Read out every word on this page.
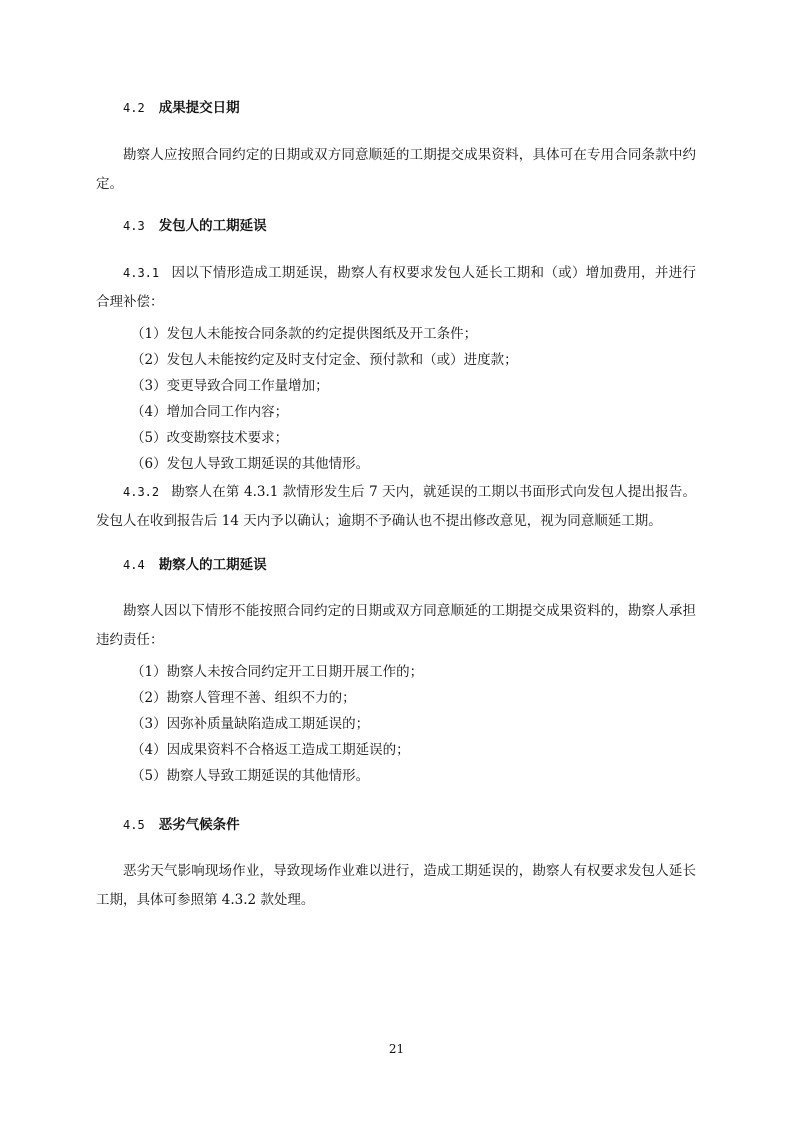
4.2 成果提交日期
勘察人应按照合同约定的日期或双方同意顺延的工期提交成果资料，具体可在专用合同条款中约定。
4.3 发包人的工期延误
4.3.1 因以下情形造成工期延误，勘察人有权要求发包人延长工期和（或）增加费用，并进行合理补偿：
（1）发包人未能按合同条款的约定提供图纸及开工条件；
（2）发包人未能按约定及时支付定金、预付款和（或）进度款；
（3）变更导致合同工作量增加；
（4）增加合同工作内容；
（5）改变勘察技术要求；
（6）发包人导致工期延误的其他情形。
4.3.2 勘察人在第 4.3.1 款情形发生后 7 天内，就延误的工期以书面形式向发包人提出报告。发包人在收到报告后 14 天内予以确认；逾期不予确认也不提出修改意见，视为同意顺延工期。
4.4 勘察人的工期延误
勘察人因以下情形不能按照合同约定的日期或双方同意顺延的工期提交成果资料的，勘察人承担违约责任：
（1）勘察人未按合同约定开工日期开展工作的；
（2）勘察人管理不善、组织不力的；
（3）因弥补质量缺陷造成工期延误的；
（4）因成果资料不合格返工造成工期延误的；
（5）勘察人导致工期延误的其他情形。
4.5 恶劣气候条件
恶劣天气影响现场作业，导致现场作业难以进行，造成工期延误的，勘察人有权要求发包人延长工期，具体可参照第 4.3.2 款处理。
21
